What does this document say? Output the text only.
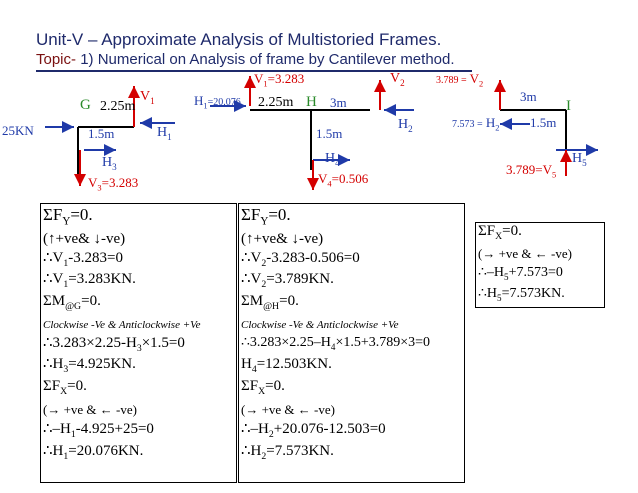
Unit-V – Approximate Analysis of Multistoried Frames.
Topic- 1) Numerical on Analysis of frame by Cantilever method.
25KN
G 2.25m
1.5m
$V_1$
$H_1$
$H_3$
$V_3=3.283$
$V_1=3.283$
$H_1=20.076$ 2.25m H 3m
1.5m
$V_2$
$H_2$
$H_4$
$V_4=0.506$
$3.789 = V_2$
3m
$7.573 = H_2$ 1.5m
I
$H_5$
$3.789=V_5$
$\Sigma F_Y=0$.
(↑+ve& ↓-ve)
$\therefore V_1-3.283=0$
$\therefore V_1=3.283KN$.
$\Sigma M_{@G}=0$.
Clockwise -Ve & Anticlockwise +Ve
$\therefore 3.283\times 2.25-H_3\times 1.5=0$
$\therefore H_3=4.925KN$.
$\Sigma F_X=0$.
(→ +ve & ← -ve)
$\therefore-H_1-4.925+25=0$
$\therefore H_1=20.076KN$.
$\Sigma F_Y=0$.
(↑+ve& ↓-ve)
$\therefore V_2-3.283-0.506=0$
$\therefore V_2=3.789KN$.
$\Sigma M_{@H}=0$.
Clockwise -Ve & Anticlockwise +Ve
$\therefore 3.283\times 2.25-H_4\times 1.5+3.789\times 3=0$
$H_4=12.503KN$.
$\Sigma F_X=0$.
(→ +ve & ← -ve)
$\therefore-H_2+20.076-12.503=0$
$\therefore H_2=7.573KN$.
$\Sigma F_X=0$.
(→ +ve & ← -ve)
$\therefore-H_5+7.573=0$
$\therefore H_5=7.573KN$.
